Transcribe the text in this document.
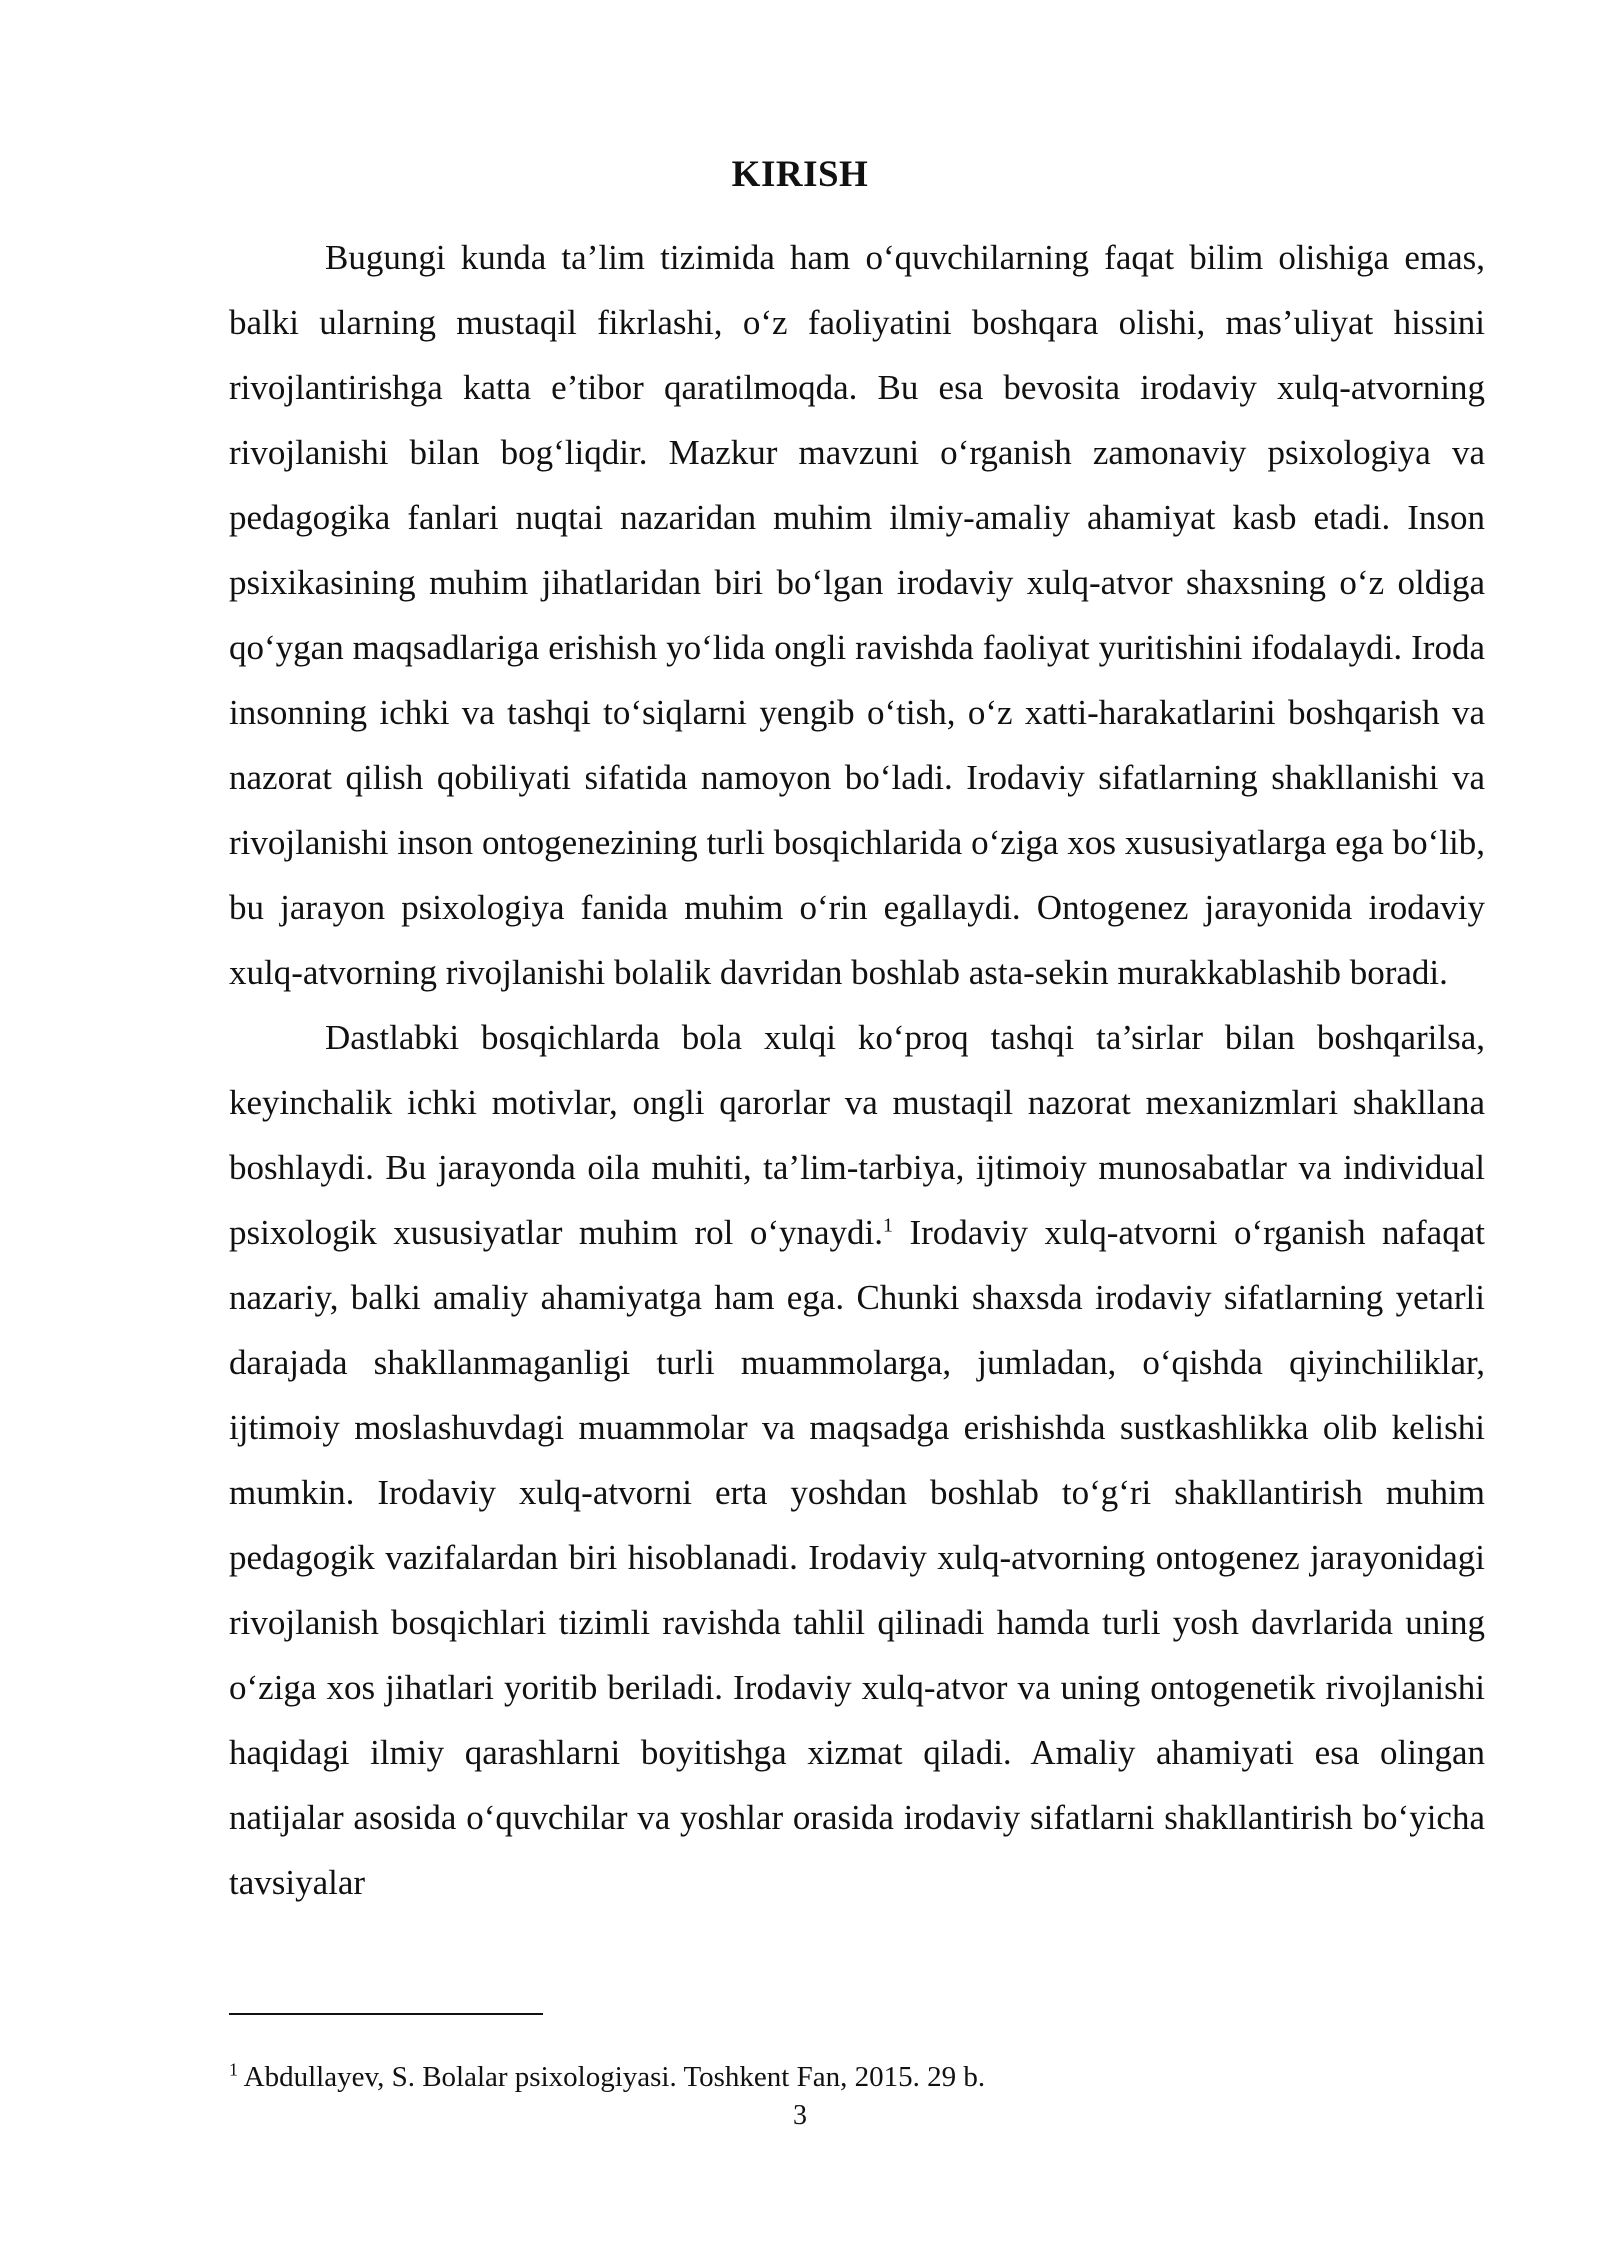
KIRISH

Bugungi kunda ta’lim tizimida ham o‘quvchilarning faqat bilim olishiga emas, balki ularning mustaqil fikrlashi, o‘z faoliyatini boshqara olishi, mas’uliyat hissini rivojlantirishga katta e’tibor qaratilmoqda. Bu esa bevosita irodaviy xulq-atvorning rivojlanishi bilan bog‘liqdir. Mazkur mavzuni o‘rganish zamonaviy psixologiya va pedagogika fanlari nuqtai nazaridan muhim ilmiy-amaliy ahamiyat kasb etadi. Inson psixikasining muhim jihatlaridan biri bo‘lgan irodaviy xulq-atvor shaxsning o‘z oldiga qo‘ygan maqsadlariga erishish yo‘lida ongli ravishda faoliyat yuritishini ifodalaydi. Iroda insonning ichki va tashqi to‘siqlarni yengib o‘tish, o‘z xatti-harakatlarini boshqarish va nazorat qilish qobiliyati sifatida namoyon bo‘ladi. Irodaviy sifatlarning shakllanishi va rivojlanishi inson ontogenezining turli bosqichlarida o‘ziga xos xususiyatlarga ega bo‘lib, bu jarayon psixologiya fanida muhim o‘rin egallaydi. Ontogenez jarayonida irodaviy xulq-atvorning rivojlanishi bolalik davridan boshlab asta-sekin murakkablashib boradi.

Dastlabki bosqichlarda bola xulqi ko‘proq tashqi ta’sirlar bilan boshqarilsa, keyinchalik ichki motivlar, ongli qarorlar va mustaqil nazorat mexanizmlari shakllana boshlaydi. Bu jarayonda oila muhiti, ta’lim-tarbiya, ijtimoiy munosabatlar va individual psixologik xususiyatlar muhim rol o‘ynaydi.$^1$ Irodaviy xulq-atvorni o‘rganish nafaqat nazariy, balki amaliy ahamiyatga ham ega. Chunki shaxsda irodaviy sifatlarning yetarli darajada shakllanmaganligi turli muammolarga, jumladan, o‘qishda qiyinchiliklar, ijtimoiy moslashuvdagi muammolar va maqsadga erishishda sustkashlikka olib kelishi mumkin. Irodaviy xulq-atvorni erta yoshdan boshlab to‘g‘ri shakllantirish muhim pedagogik vazifalardan biri hisoblanadi. Irodaviy xulq-atvorning ontogenez jarayonidagi rivojlanish bosqichlari tizimli ravishda tahlil qilinadi hamda turli yosh davrlarida uning o‘ziga xos jihatlari yoritib beriladi. Irodaviy xulq-atvor va uning ontogenetik rivojlanishi haqidagi ilmiy qarashlarni boyitishga xizmat qiladi. Amaliy ahamiyati esa olingan natijalar asosida o‘quvchilar va yoshlar orasida irodaviy sifatlarni shakllantirish bo‘yicha tavsiyalar

$^1$ Abdullayev, S. Bolalar psixologiyasi. Toshkent Fan, 2015. 29 b.
3
